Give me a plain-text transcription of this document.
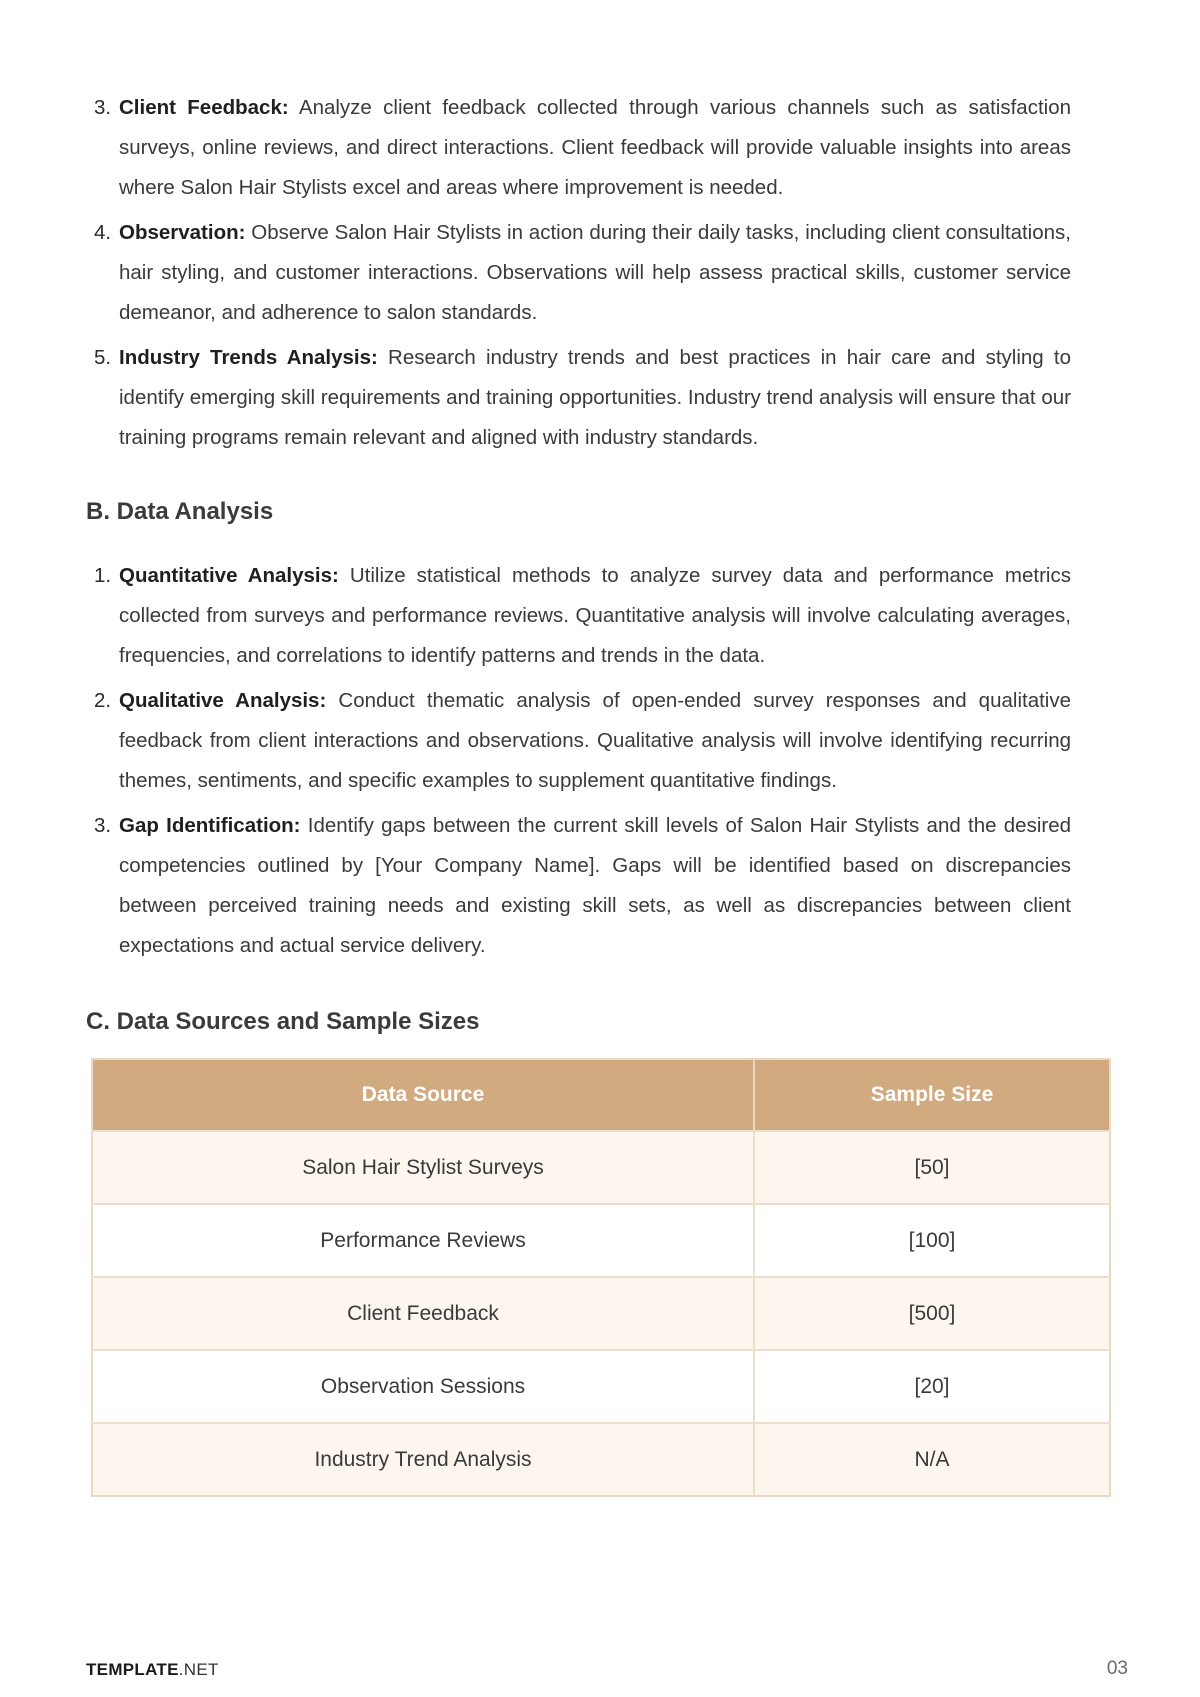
3. Client Feedback: Analyze client feedback collected through various channels such as satisfaction surveys, online reviews, and direct interactions. Client feedback will provide valuable insights into areas where Salon Hair Stylists excel and areas where improvement is needed.
4. Observation: Observe Salon Hair Stylists in action during their daily tasks, including client consultations, hair styling, and customer interactions. Observations will help assess practical skills, customer service demeanor, and adherence to salon standards.
5. Industry Trends Analysis: Research industry trends and best practices in hair care and styling to identify emerging skill requirements and training opportunities. Industry trend analysis will ensure that our training programs remain relevant and aligned with industry standards.
B. Data Analysis
1. Quantitative Analysis: Utilize statistical methods to analyze survey data and performance metrics collected from surveys and performance reviews. Quantitative analysis will involve calculating averages, frequencies, and correlations to identify patterns and trends in the data.
2. Qualitative Analysis: Conduct thematic analysis of open-ended survey responses and qualitative feedback from client interactions and observations. Qualitative analysis will involve identifying recurring themes, sentiments, and specific examples to supplement quantitative findings.
3. Gap Identification: Identify gaps between the current skill levels of Salon Hair Stylists and the desired competencies outlined by [Your Company Name]. Gaps will be identified based on discrepancies between perceived training needs and existing skill sets, as well as discrepancies between client expectations and actual service delivery.
C. Data Sources and Sample Sizes
Data Source	Sample Size
Salon Hair Stylist Surveys	[50]
Performance Reviews	[100]
Client Feedback	[500]
Observation Sessions	[20]
Industry Trend Analysis	N/A
TEMPLATE.NET	03
